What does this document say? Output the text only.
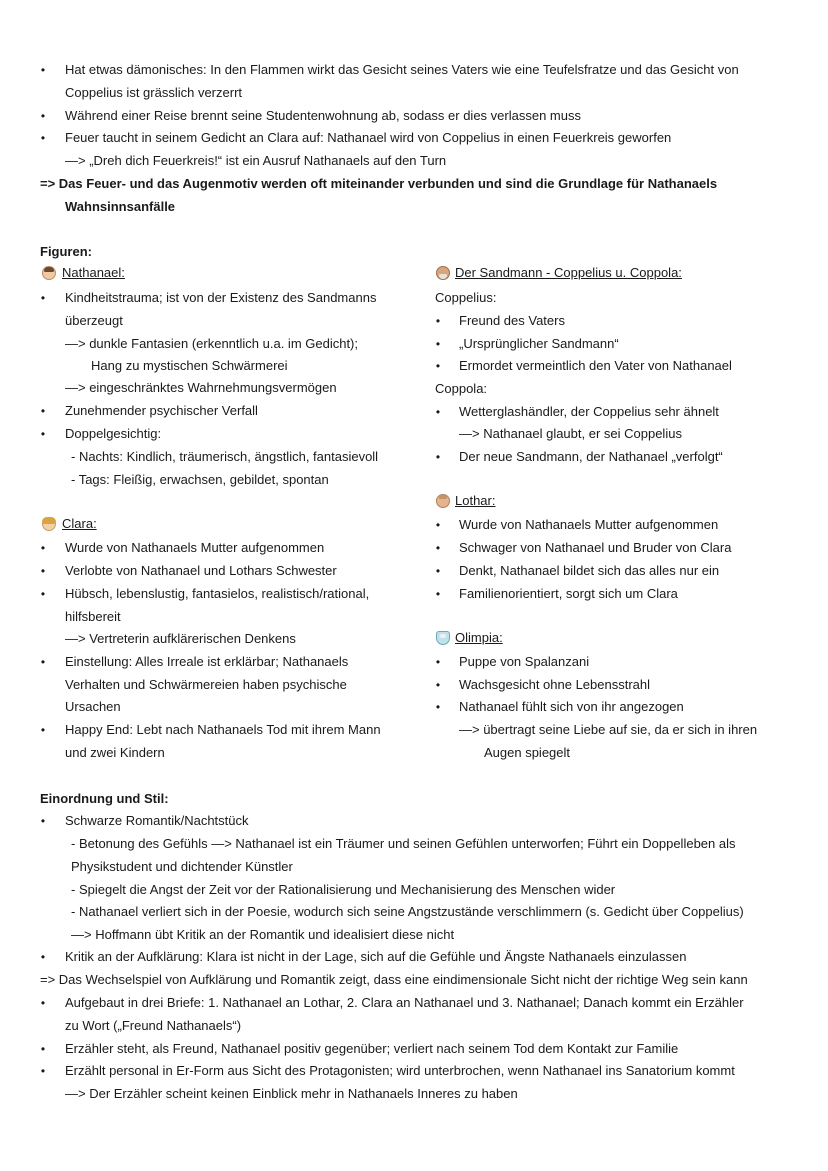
• Hat etwas dämonisches: In den Flammen wirkt das Gesicht seines Vaters wie eine Teufelsfratze und das Gesicht von
Coppelius ist grässlich verzerrt
• Während einer Reise brennt seine Studentenwohnung ab, sodass er dies verlassen muss
• Feuer taucht in seinem Gedicht an Clara auf: Nathanael wird von Coppelius in einen Feuerkreis geworfen
—> „Dreh dich Feuerkreis!“ ist ein Ausruf Nathanaels auf den Turn
=> Das Feuer- und das Augenmotiv werden oft miteinander verbunden und sind die Grundlage für Nathanaels
Wahnsinnsanfälle
Figuren:
Nathanael:
• Kindheitstrauma; ist von der Existenz des Sandmanns
überzeugt
—> dunkle Fantasien (erkenntlich u.a. im Gedicht);
Hang zu mystischen Schwärmerei
—> eingeschränktes Wahrnehmungsvermögen
• Zunehmender psychischer Verfall
• Doppelgesichtig:
- Nachts: Kindlich, träumerisch, ängstlich, fantasievoll
- Tags: Fleißig, erwachsen, gebildet, spontan
Clara:
• Wurde von Nathanaels Mutter aufgenommen
• Verlobte von Nathanael und Lothars Schwester
• Hübsch, lebenslustig, fantasielos, realistisch/rational,
hilfsbereit
—> Vertreterin aufklärerischen Denkens
• Einstellung: Alles Irreale ist erklärbar; Nathanaels
Verhalten und Schwärmereien haben psychische
Ursachen
• Happy End: Lebt nach Nathanaels Tod mit ihrem Mann
und zwei Kindern
Der Sandmann - Coppelius u. Coppola:
Coppelius:
• Freund des Vaters
• „Ursprünglicher Sandmann“
• Ermordet vermeintlich den Vater von Nathanael
Coppola:
• Wetterglashändler, der Coppelius sehr ähnelt
—> Nathanael glaubt, er sei Coppelius
• Der neue Sandmann, der Nathanael „verfolgt“
Lothar:
• Wurde von Nathanaels Mutter aufgenommen
• Schwager von Nathanael und Bruder von Clara
• Denkt, Nathanael bildet sich das alles nur ein
• Familienorientiert, sorgt sich um Clara
Olimpia:
• Puppe von Spalanzani
• Wachsgesicht ohne Lebensstrahl
• Nathanael fühlt sich von ihr angezogen
—> übertragt seine Liebe auf sie, da er sich in ihren
Augen spiegelt
Einordnung und Stil:
• Schwarze Romantik/Nachtstück
- Betonung des Gefühls —> Nathanael ist ein Träumer und seinen Gefühlen unterworfen; Führt ein Doppelleben als
Physikstudent und dichtender Künstler
- Spiegelt die Angst der Zeit vor der Rationalisierung und Mechanisierung des Menschen wider
- Nathanael verliert sich in der Poesie, wodurch sich seine Angstzustände verschlimmern (s. Gedicht über Coppelius)
—> Hoffmann übt Kritik an der Romantik und idealisiert diese nicht
• Kritik an der Aufklärung: Klara ist nicht in der Lage, sich auf die Gefühle und Ängste Nathanaels einzulassen
=> Das Wechselspiel von Aufklärung und Romantik zeigt, dass eine eindimensionale Sicht nicht der richtige Weg sein kann
• Aufgebaut in drei Briefe: 1. Nathanael an Lothar, 2. Clara an Nathanael und 3. Nathanael; Danach kommt ein Erzähler
zu Wort („Freund Nathanaels“)
• Erzähler steht, als Freund, Nathanael positiv gegenüber; verliert nach seinem Tod dem Kontakt zur Familie
• Erzählt personal in Er-Form aus Sicht des Protagonisten; wird unterbrochen, wenn Nathanael ins Sanatorium kommt
—> Der Erzähler scheint keinen Einblick mehr in Nathanaels Inneres zu haben
